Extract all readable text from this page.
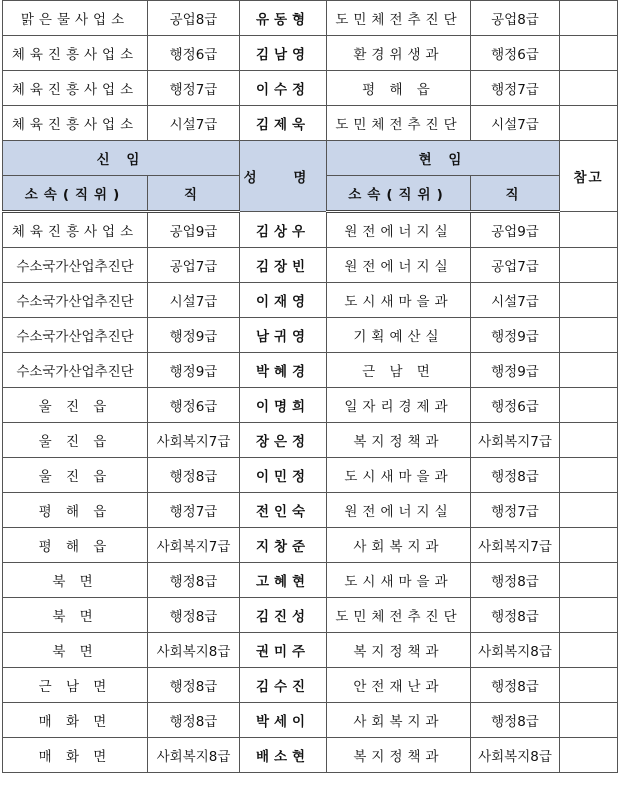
맑은물사업소	공업8급	유동형	도민체전추진단	공업8급	
체육진흥사업소	행정6급	김남영	환경위생과	행정6급	
체육진흥사업소	행정7급	이수정	평 해 읍	행정7급	
체육진흥사업소	시설7급	김제욱	도민체전추진단	시설7급	
신 임		성 명	현 임		참고
소속(직위)	직		소속(직위)	직	
체육진흥사업소	공업9급	김상우	원전에너지실	공업9급	
수소국가산업추진단	공업7급	김장빈	원전에너지실	공업7급	
수소국가산업추진단	시설7급	이재영	도시새마을과	시설7급	
수소국가산업추진단	행정9급	남귀영	기획예산실	행정9급	
수소국가산업추진단	행정9급	박혜경	근 남 면	행정9급	
울 진 읍	행정6급	이명희	일자리경제과	행정6급	
울 진 읍	사회복지7급	장은정	복지정책과	사회복지7급	
울 진 읍	행정8급	이민정	도시새마을과	행정8급	
평 해 읍	행정7급	전인숙	원전에너지실	행정7급	
평 해 읍	사회복지7급	지창준	사회복지과	사회복지7급	
북 면	행정8급	고혜현	도시새마을과	행정8급	
북 면	행정8급	김진성	도민체전추진단	행정8급	
북 면	사회복지8급	권미주	복지정책과	사회복지8급	
근 남 면	행정8급	김수진	안전재난과	행정8급	
매 화 면	행정8급	박세이	사회복지과	행정8급	
매 화 면	사회복지8급	배소현	복지정책과	사회복지8급	
